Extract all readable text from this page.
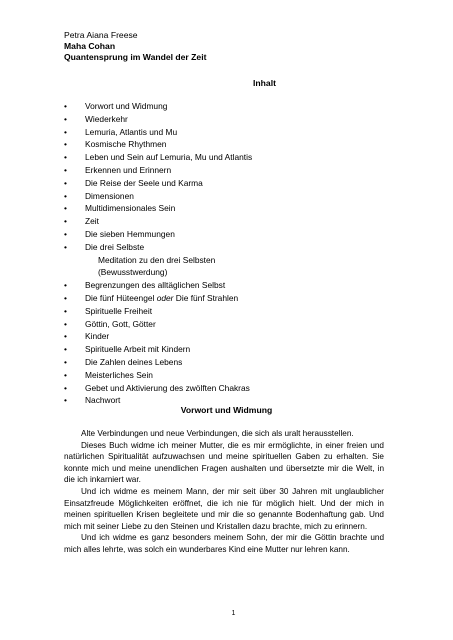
Petra Aiana Freese
Maha Cohan
Quantensprung im Wandel der Zeit
Inhalt
• Vorwort und Widmung
• Wiederkehr
• Lemuria, Atlantis und Mu
• Kosmische Rhythmen
• Leben und Sein auf Lemuria, Mu und Atlantis
• Erkennen und Erinnern
• Die Reise der Seele und Karma
• Dimensionen
• Multidimensionales Sein
• Zeit
• Die sieben Hemmungen
• Die drei Selbste
Meditation zu den drei Selbsten
(Bewusstwerdung)
• Begrenzungen des alltäglichen Selbst
• Die fünf Hüteengel oder Die fünf Strahlen
• Spirituelle Freiheit
• Göttin, Gott, Götter
• Kinder
• Spirituelle Arbeit mit Kindern
• Die Zahlen deines Lebens
• Meisterliches Sein
• Gebet und Aktivierung des zwölften Chakras
• Nachwort
Vorwort und Widmung

Alte Verbindungen und neue Verbindungen, die sich als uralt herausstellen.

Dieses Buch widme ich meiner Mutter, die es mir ermöglichte, in einer freien und natürlichen Spiritualität aufzuwachsen und meine spirituellen Gaben zu erhalten. Sie konnte mich und meine unendlichen Fragen aushalten und übersetzte mir die Welt, in die ich inkarniert war.

Und ich widme es meinem Mann, der mir seit über 30 Jahren mit unglaublicher Einsatzfreude Möglichkeiten eröffnet, die ich nie für möglich hielt. Und der mich in meinen spirituellen Krisen begleitete und mir die so genannte Bodenhaftung gab. Und mich mit seiner Liebe zu den Steinen und Kristallen dazu brachte, mich zu erinnern.

Und ich widme es ganz besonders meinem Sohn, der mir die Göttin brachte und mich alles lehrte, was solch ein wunderbares Kind eine Mutter nur lehren kann.

1
